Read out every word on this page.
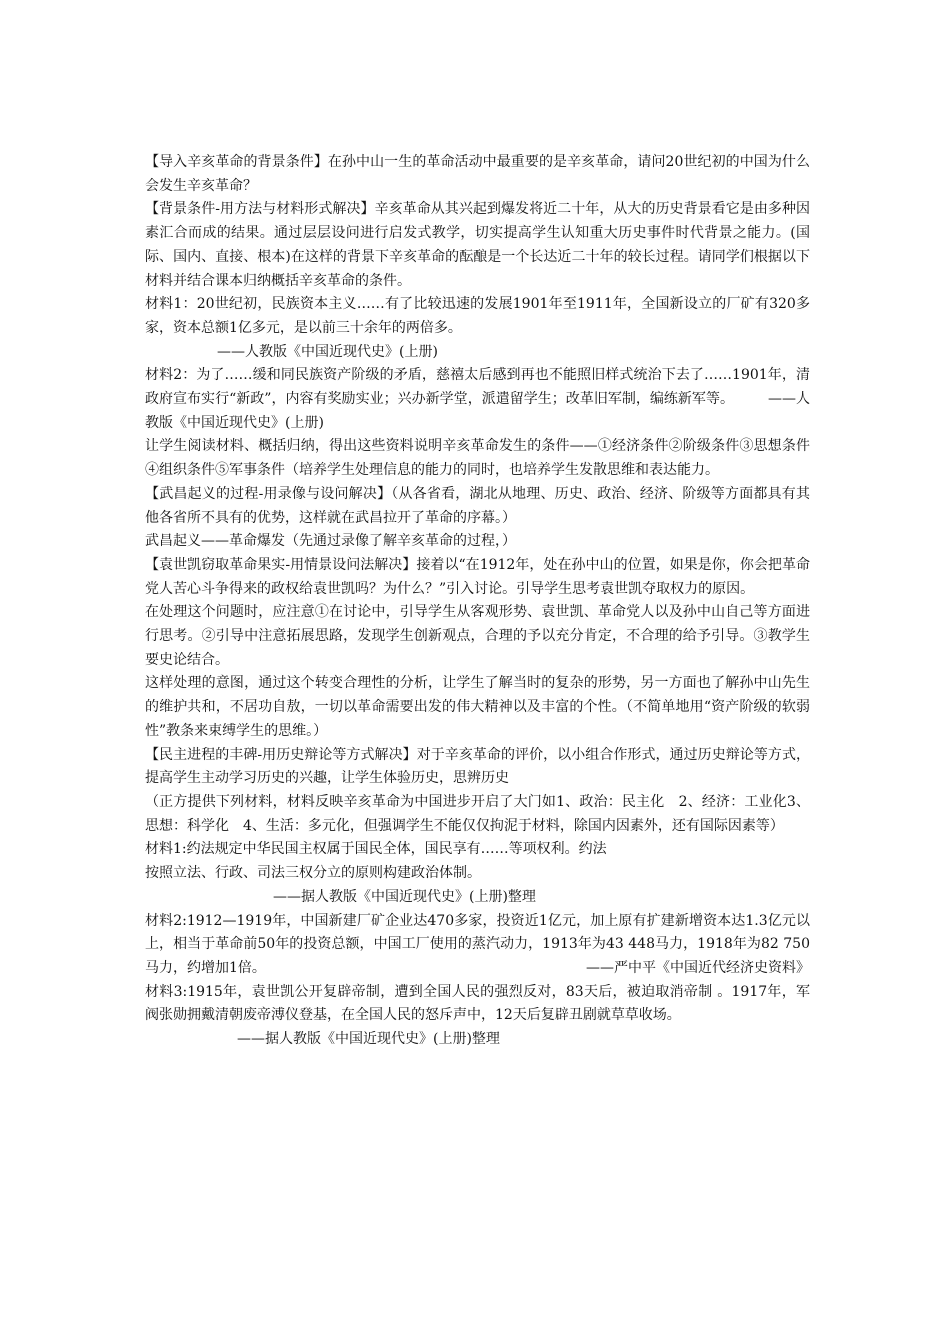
【导入辛亥革命的背景条件】在孙中山一生的革命活动中最重要的是辛亥革命，请问20世纪初的中国为什么会发生辛亥革命？

【背景条件-用方法与材料形式解决】辛亥革命从其兴起到爆发将近二十年，从大的历史背景看它是由多种因素汇合而成的结果。通过层层设问进行启发式教学，切实提高学生认知重大历史事件时代背景之能力。(国际、国内、直接、根本)在这样的背景下辛亥革命的酝酿是一个长达近二十年的较长过程。请同学们根据以下材料并结合课本归纳概括辛亥革命的条件。

材料1：20世纪初，民族资本主义……有了比较迅速的发展1901年至1911年，全国新设立的厂矿有320多家，资本总额1亿多元，是以前三十余年的两倍多。

——人教版《中国近现代史》(上册)

材料2：为了……缓和同民族资产阶级的矛盾，慈禧太后感到再也不能照旧样式统治下去了……1901年，清政府宣布实行“新政”，内容有奖励实业；兴办新学堂，派遣留学生；改革旧军制，编练新军等。 ——人教版《中国近现代史》(上册)

让学生阅读材料、概括归纳，得出这些资料说明辛亥革命发生的条件——①经济条件②阶级条件③思想条件④组织条件⑤军事条件（培养学生处理信息的能力的同时，也培养学生发散思维和表达能力。

【武昌起义的过程-用录像与设问解决】（从各省看，湖北从地理、历史、政治、经济、阶级等方面都具有其他各省所不具有的优势，这样就在武昌拉开了革命的序幕。）

武昌起义——革命爆发（先通过录像了解辛亥革命的过程，）

【袁世凯窃取革命果实-用情景设问法解决】接着以“在1912年，处在孙中山的位置，如果是你，你会把革命党人苦心斗争得来的政权给袁世凯吗？为什么？”引入讨论。引导学生思考袁世凯夺取权力的原因。

在处理这个问题时，应注意①在讨论中，引导学生从客观形势、袁世凯、革命党人以及孙中山自己等方面进行思考。②引导中注意拓展思路，发现学生创新观点，合理的予以充分肯定，不合理的给予引导。③教学生要史论结合。

这样处理的意图，通过这个转变合理性的分析，让学生了解当时的复杂的形势，另一方面也了解孙中山先生的维护共和，不居功自敖，一切以革命需要出发的伟大精神以及丰富的个性。（不简单地用“资产阶级的软弱性”教条来束缚学生的思维。）

【民主进程的丰碑-用历史辩论等方式解决】对于辛亥革命的评价，以小组合作形式，通过历史辩论等方式，提高学生主动学习历史的兴趣，让学生体验历史，思辨历史

（正方提供下列材料，材料反映辛亥革命为中国进步开启了大门如1、政治：民主化　2、经济：工业化3、思想：科学化　4、生活：多元化，但强调学生不能仅仅拘泥于材料，除国内因素外，还有国际因素等）

材料1:约法规定中华民国主权属于国民全体，国民享有……等项权利。约法

按照立法、行政、司法三权分立的原则构建政治体制。

——据人教版《中国近现代史》(上册)整理

材料2:1912—1919年，中国新建厂矿企业达470多家，投资近1亿元，加上原有扩建新增资本达1.3亿元以上，相当于革命前50年的投资总额，中国工厂使用的蒸汽动力，1913年为43 448马力，1918年为82 750马力，约增加1倍。	——严中平《中国近代经济史资料》

材料3:1915年，袁世凯公开复辟帝制，遭到全国人民的强烈反对，83天后，被迫取消帝制 。1917年，军阀张勋拥戴清朝废帝溥仪登基，在全国人民的怒斥声中，12天后复辟丑剧就草草收场。

——据人教版《中国近现代史》(上册)整理
